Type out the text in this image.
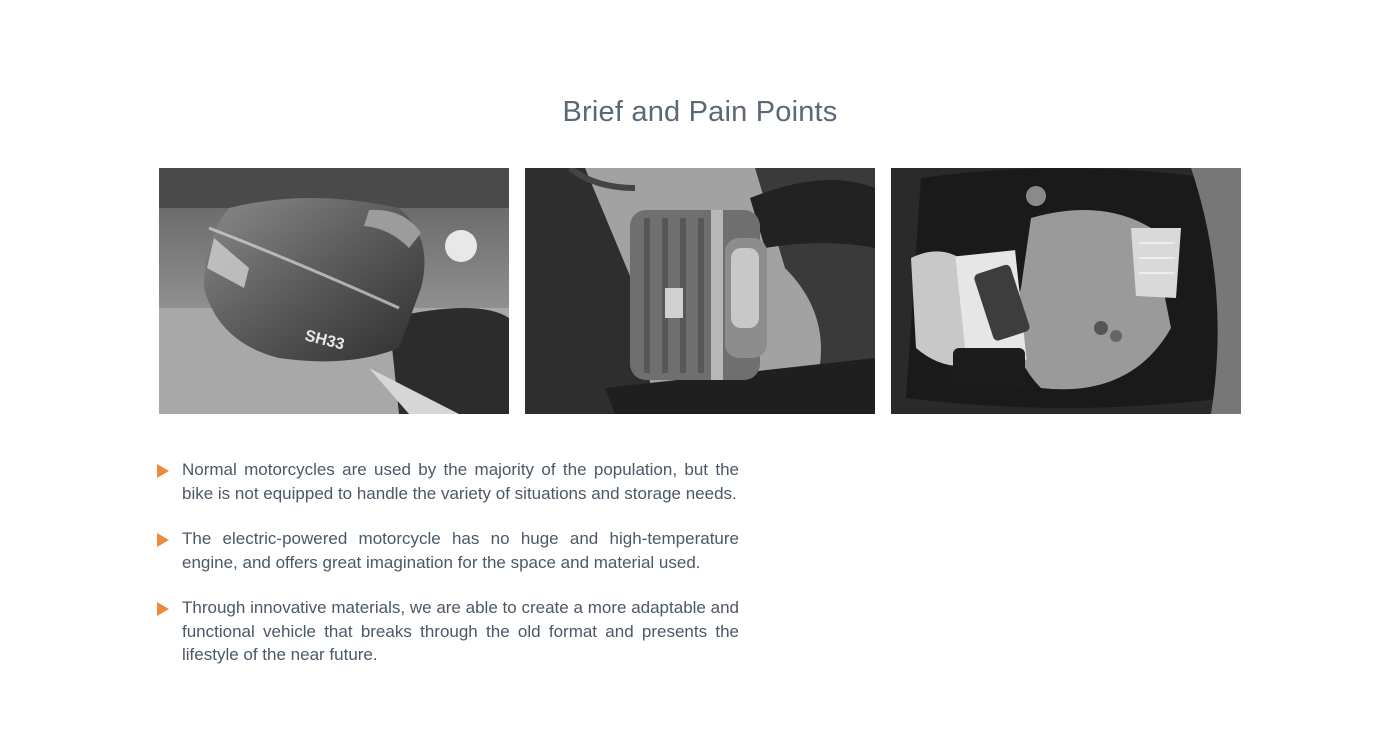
Brief and Pain Points
SH33
Normal motorcycles are used by the majority of the population, but the bike is not equipped to handle the variety of situations and storage needs.
The electric-powered motorcycle has no huge and high-temperature engine, and offers great imagination for the space and material used.
Through innovative materials, we are able to create a more adaptable and functional vehicle that breaks through the old format and presents the lifestyle of the near future.
